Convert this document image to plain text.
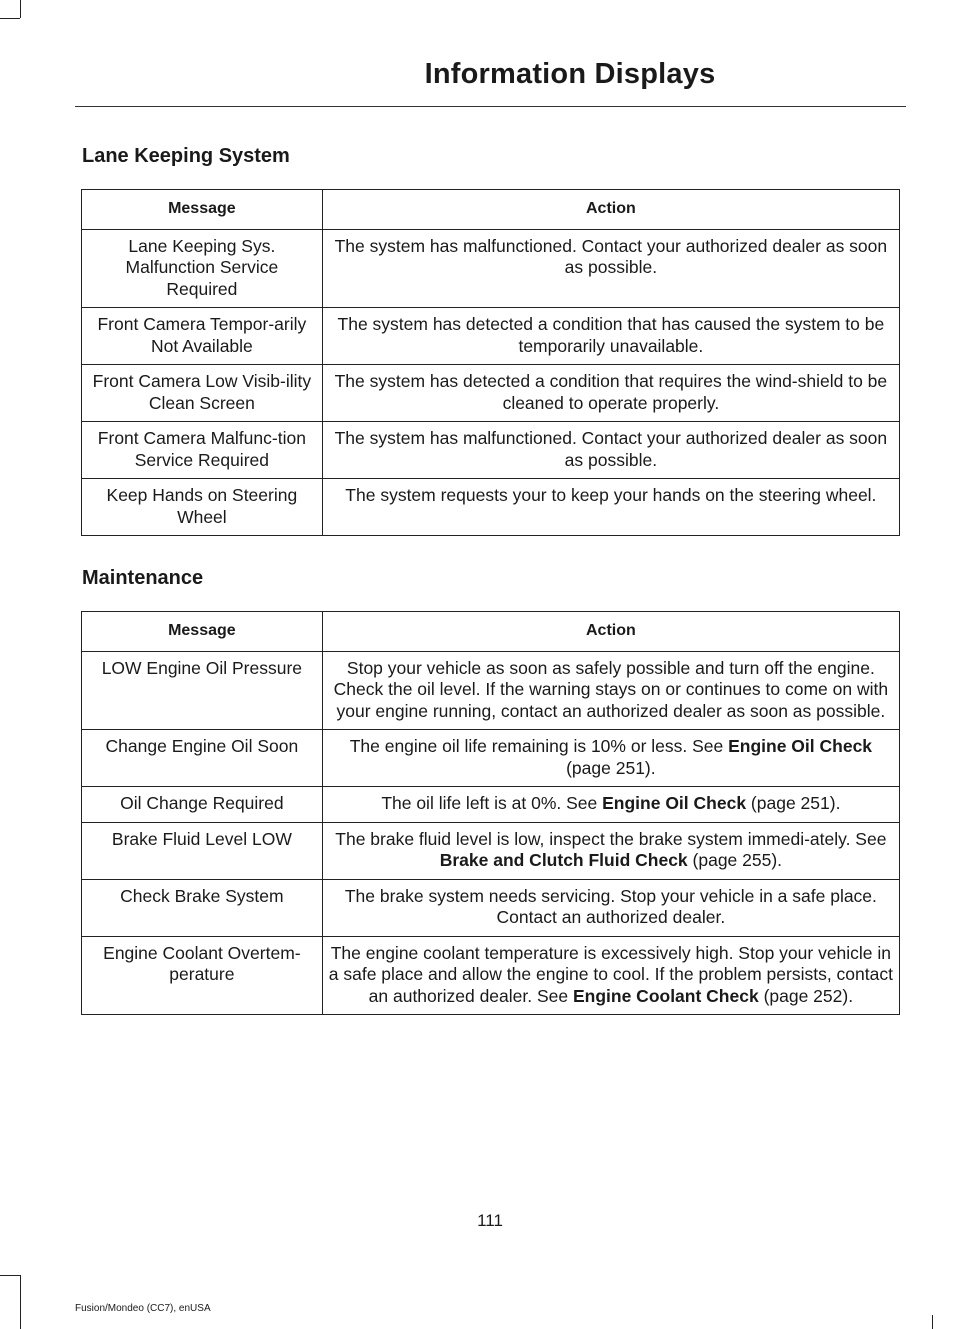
Information Displays
Lane Keeping System
Message	Action
Lane Keeping Sys. Malfunction Service Required	The system has malfunctioned. Contact your authorized dealer as soon as possible.
Front Camera Tempor-arily Not Available	The system has detected a condition that has caused the system to be temporarily unavailable.
Front Camera Low Visib-ility Clean Screen	The system has detected a condition that requires the wind-shield to be cleaned to operate properly.
Front Camera Malfunc-tion Service Required	The system has malfunctioned. Contact your authorized dealer as soon as possible.
Keep Hands on Steering Wheel	The system requests your to keep your hands on the steering wheel.
Maintenance
Message	Action
LOW Engine Oil Pressure	Stop your vehicle as soon as safely possible and turn off the engine. Check the oil level. If the warning stays on or continues to come on with your engine running, contact an authorized dealer as soon as possible.
Change Engine Oil Soon	The engine oil life remaining is 10% or less. See Engine Oil Check (page 251).
Oil Change Required	The oil life left is at 0%. See Engine Oil Check (page 251).
Brake Fluid Level LOW	The brake fluid level is low, inspect the brake system immedi-ately. See Brake and Clutch Fluid Check (page 255).
Check Brake System	The brake system needs servicing. Stop your vehicle in a safe place. Contact an authorized dealer.
Engine Coolant Overtem-perature	The engine coolant temperature is excessively high. Stop your vehicle in a safe place and allow the engine to cool. If the problem persists, contact an authorized dealer. See Engine Coolant Check (page 252).
111
Fusion/Mondeo (CC7), enUSA
